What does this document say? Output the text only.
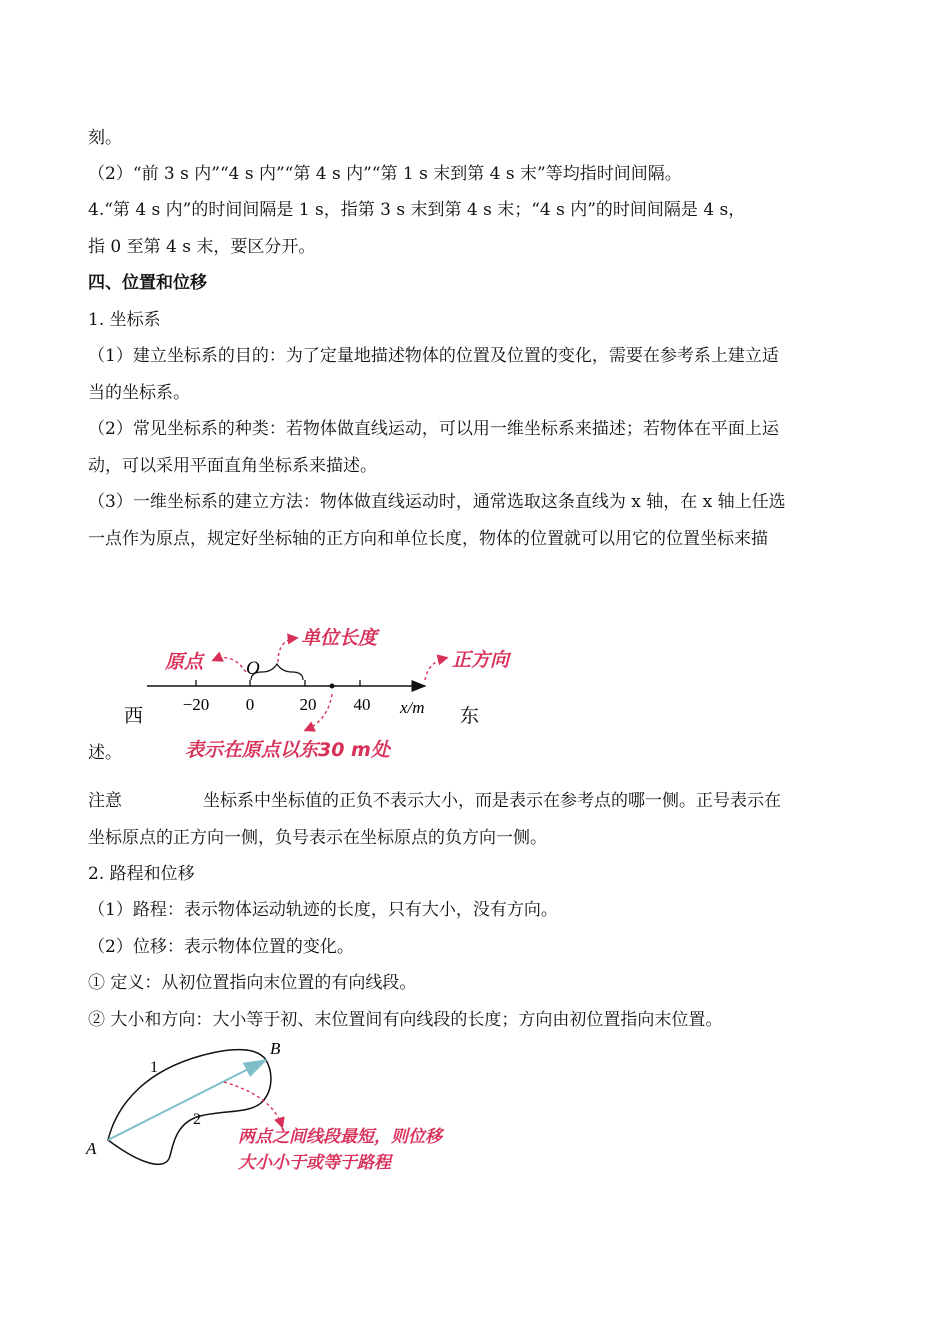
刻。
（2）“前 3 s 内”“4 s 内”“第 4 s 内”“第 1 s 末到第 4 s 末”等均指时间间隔。
4.“第 4 s 内”的时间间隔是 1 s，指第 3 s 末到第 4 s 末；“4 s 内”的时间间隔是 4 s，
指 0 至第 4 s 末，要区分开。
四、位置和位移
1. 坐标系
（1）建立坐标系的目的：为了定量地描述物体的位置及位置的变化，需要在参考系上建立适
当的坐标系。
（2）常见坐标系的种类：若物体做直线运动，可以用一维坐标系来描述；若物体在平面上运
动，可以采用平面直角坐标系来描述。
（3）一维坐标系的建立方法：物体做直线运动时，通常选取这条直线为 x 轴，在 x 轴上任选
一点作为原点，规定好坐标轴的正方向和单位长度，物体的位置就可以用它的位置坐标来描
−20 0	20 40 x/m
西	东
O
原点
单位长度
正方向
表示在原点以东30 m处
述。
注意	坐标系中坐标值的正负不表示大小，而是表示在参考点的哪一侧。正号表示在
坐标原点的正方向一侧，负号表示在坐标原点的负方向一侧。
2. 路程和位移
（1）路程：表示物体运动轨迹的长度，只有大小，没有方向。
（2）位移：表示物体位置的变化。
① 定义：从初位置指向末位置的有向线段。
② 大小和方向：大小等于初、末位置间有向线段的长度；方向由初位置指向末位置。
A
B
1
2
两点之间线段最短，则位移
大小小于或等于路程
